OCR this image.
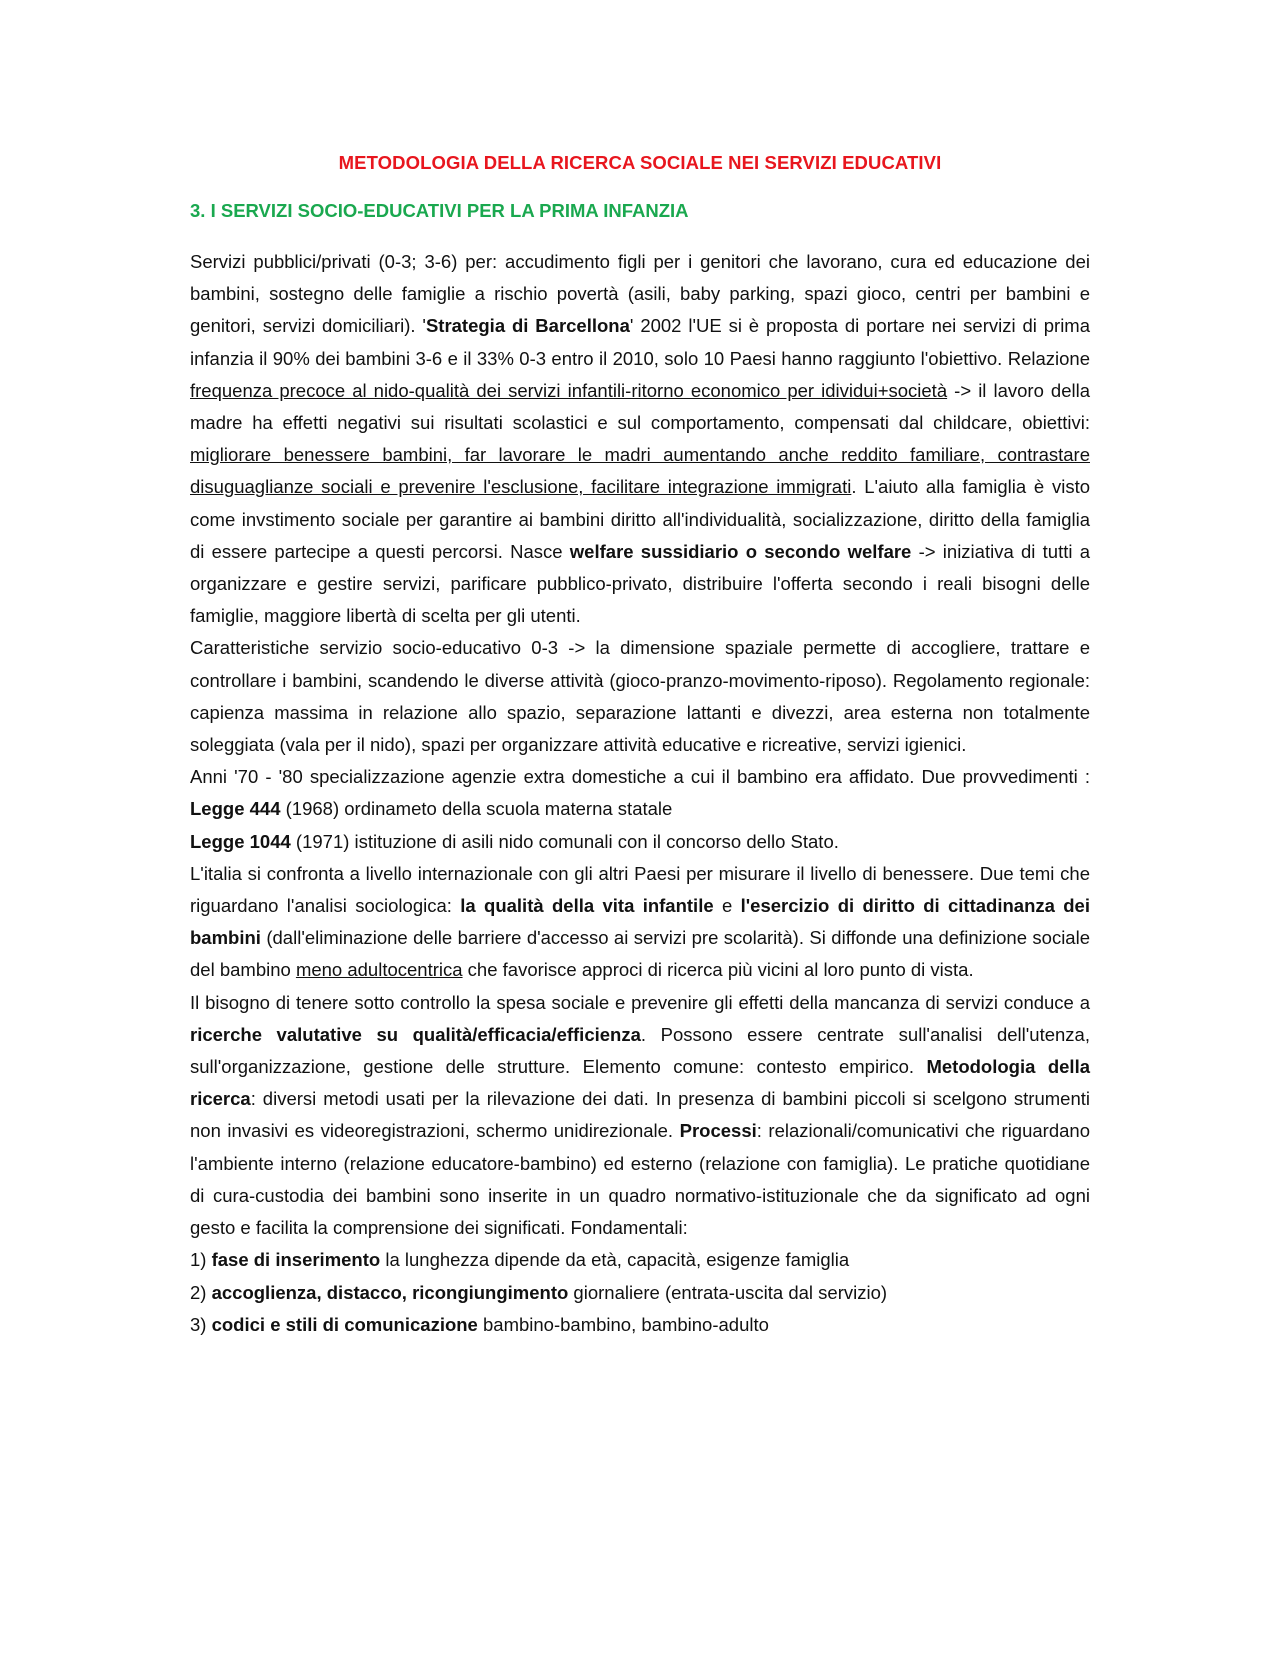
METODOLOGIA DELLA RICERCA SOCIALE NEI SERVIZI EDUCATIVI
3. I SERVIZI SOCIO-EDUCATIVI PER LA PRIMA INFANZIA

Servizi pubblici/privati (0-3; 3-6) per: accudimento figli per i genitori che lavorano, cura ed educazione dei bambini, sostegno delle famiglie a rischio povertà (asili, baby parking, spazi gioco, centri per bambini e genitori, servizi domiciliari). 'Strategia di Barcellona' 2002 l'UE si è proposta di portare nei servizi di prima infanzia il 90% dei bambini 3-6 e il 33% 0-3 entro il 2010, solo 10 Paesi hanno raggiunto l'obiettivo. Relazione frequenza precoce al nido-qualità dei servizi infantili-ritorno economico per idividui+società -> il lavoro della madre ha effetti negativi sui risultati scolastici e sul comportamento, compensati dal childcare, obiettivi: migliorare benessere bambini, far lavorare le madri aumentando anche reddito familiare, contrastare disuguaglianze sociali e prevenire l'esclusione, facilitare integrazione immigrati. L'aiuto alla famiglia è visto come invstimento sociale per garantire ai bambini diritto all'individualità, socializzazione, diritto della famiglia di essere partecipe a questi percorsi. Nasce welfare sussidiario o secondo welfare -> iniziativa di tutti a organizzare e gestire servizi, parificare pubblico-privato, distribuire l'offerta secondo i reali bisogni delle famiglie, maggiore libertà di scelta per gli utenti.

Caratteristiche servizio socio-educativo 0-3 -> la dimensione spaziale permette di accogliere, trattare e controllare i bambini, scandendo le diverse attività (gioco-pranzo-movimento-riposo). Regolamento regionale: capienza massima in relazione allo spazio, separazione lattanti e divezzi, area esterna non totalmente soleggiata (vala per il nido), spazi per organizzare attività educative e ricreative, servizi igienici.

Anni '70 - '80 specializzazione agenzie extra domestiche a cui il bambino era affidato. Due provvedimenti : Legge 444 (1968) ordinameto della scuola materna statale

Legge 1044 (1971) istituzione di asili nido comunali con il concorso dello Stato.

L'italia si confronta a livello internazionale con gli altri Paesi per misurare il livello di benessere. Due temi che riguardano l'analisi sociologica: la qualità della vita infantile e l'esercizio di diritto di cittadinanza dei bambini (dall'eliminazione delle barriere d'accesso ai servizi pre scolarità). Si diffonde una definizione sociale del bambino meno adultocentrica che favorisce approci di ricerca più vicini al loro punto di vista.

Il bisogno di tenere sotto controllo la spesa sociale e prevenire gli effetti della mancanza di servizi conduce a ricerche valutative su qualità/efficacia/efficienza. Possono essere centrate sull'analisi dell'utenza, sull'organizzazione, gestione delle strutture. Elemento comune: contesto empirico. Metodologia della ricerca: diversi metodi usati per la rilevazione dei dati. In presenza di bambini piccoli si scelgono strumenti non invasivi es videoregistrazioni, schermo unidirezionale. Processi: relazionali/comunicativi che riguardano l'ambiente interno (relazione educatore-bambino) ed esterno (relazione con famiglia). Le pratiche quotidiane di cura-custodia dei bambini sono inserite in un quadro normativo-istituzionale che da significato ad ogni gesto e facilita la comprensione dei significati. Fondamentali:

1) fase di inserimento la lunghezza dipende da età, capacità, esigenze famiglia

2) accoglienza, distacco, ricongiungimento giornaliere (entrata-uscita dal servizio)

3) codici e stili di comunicazione bambino-bambino, bambino-adulto
